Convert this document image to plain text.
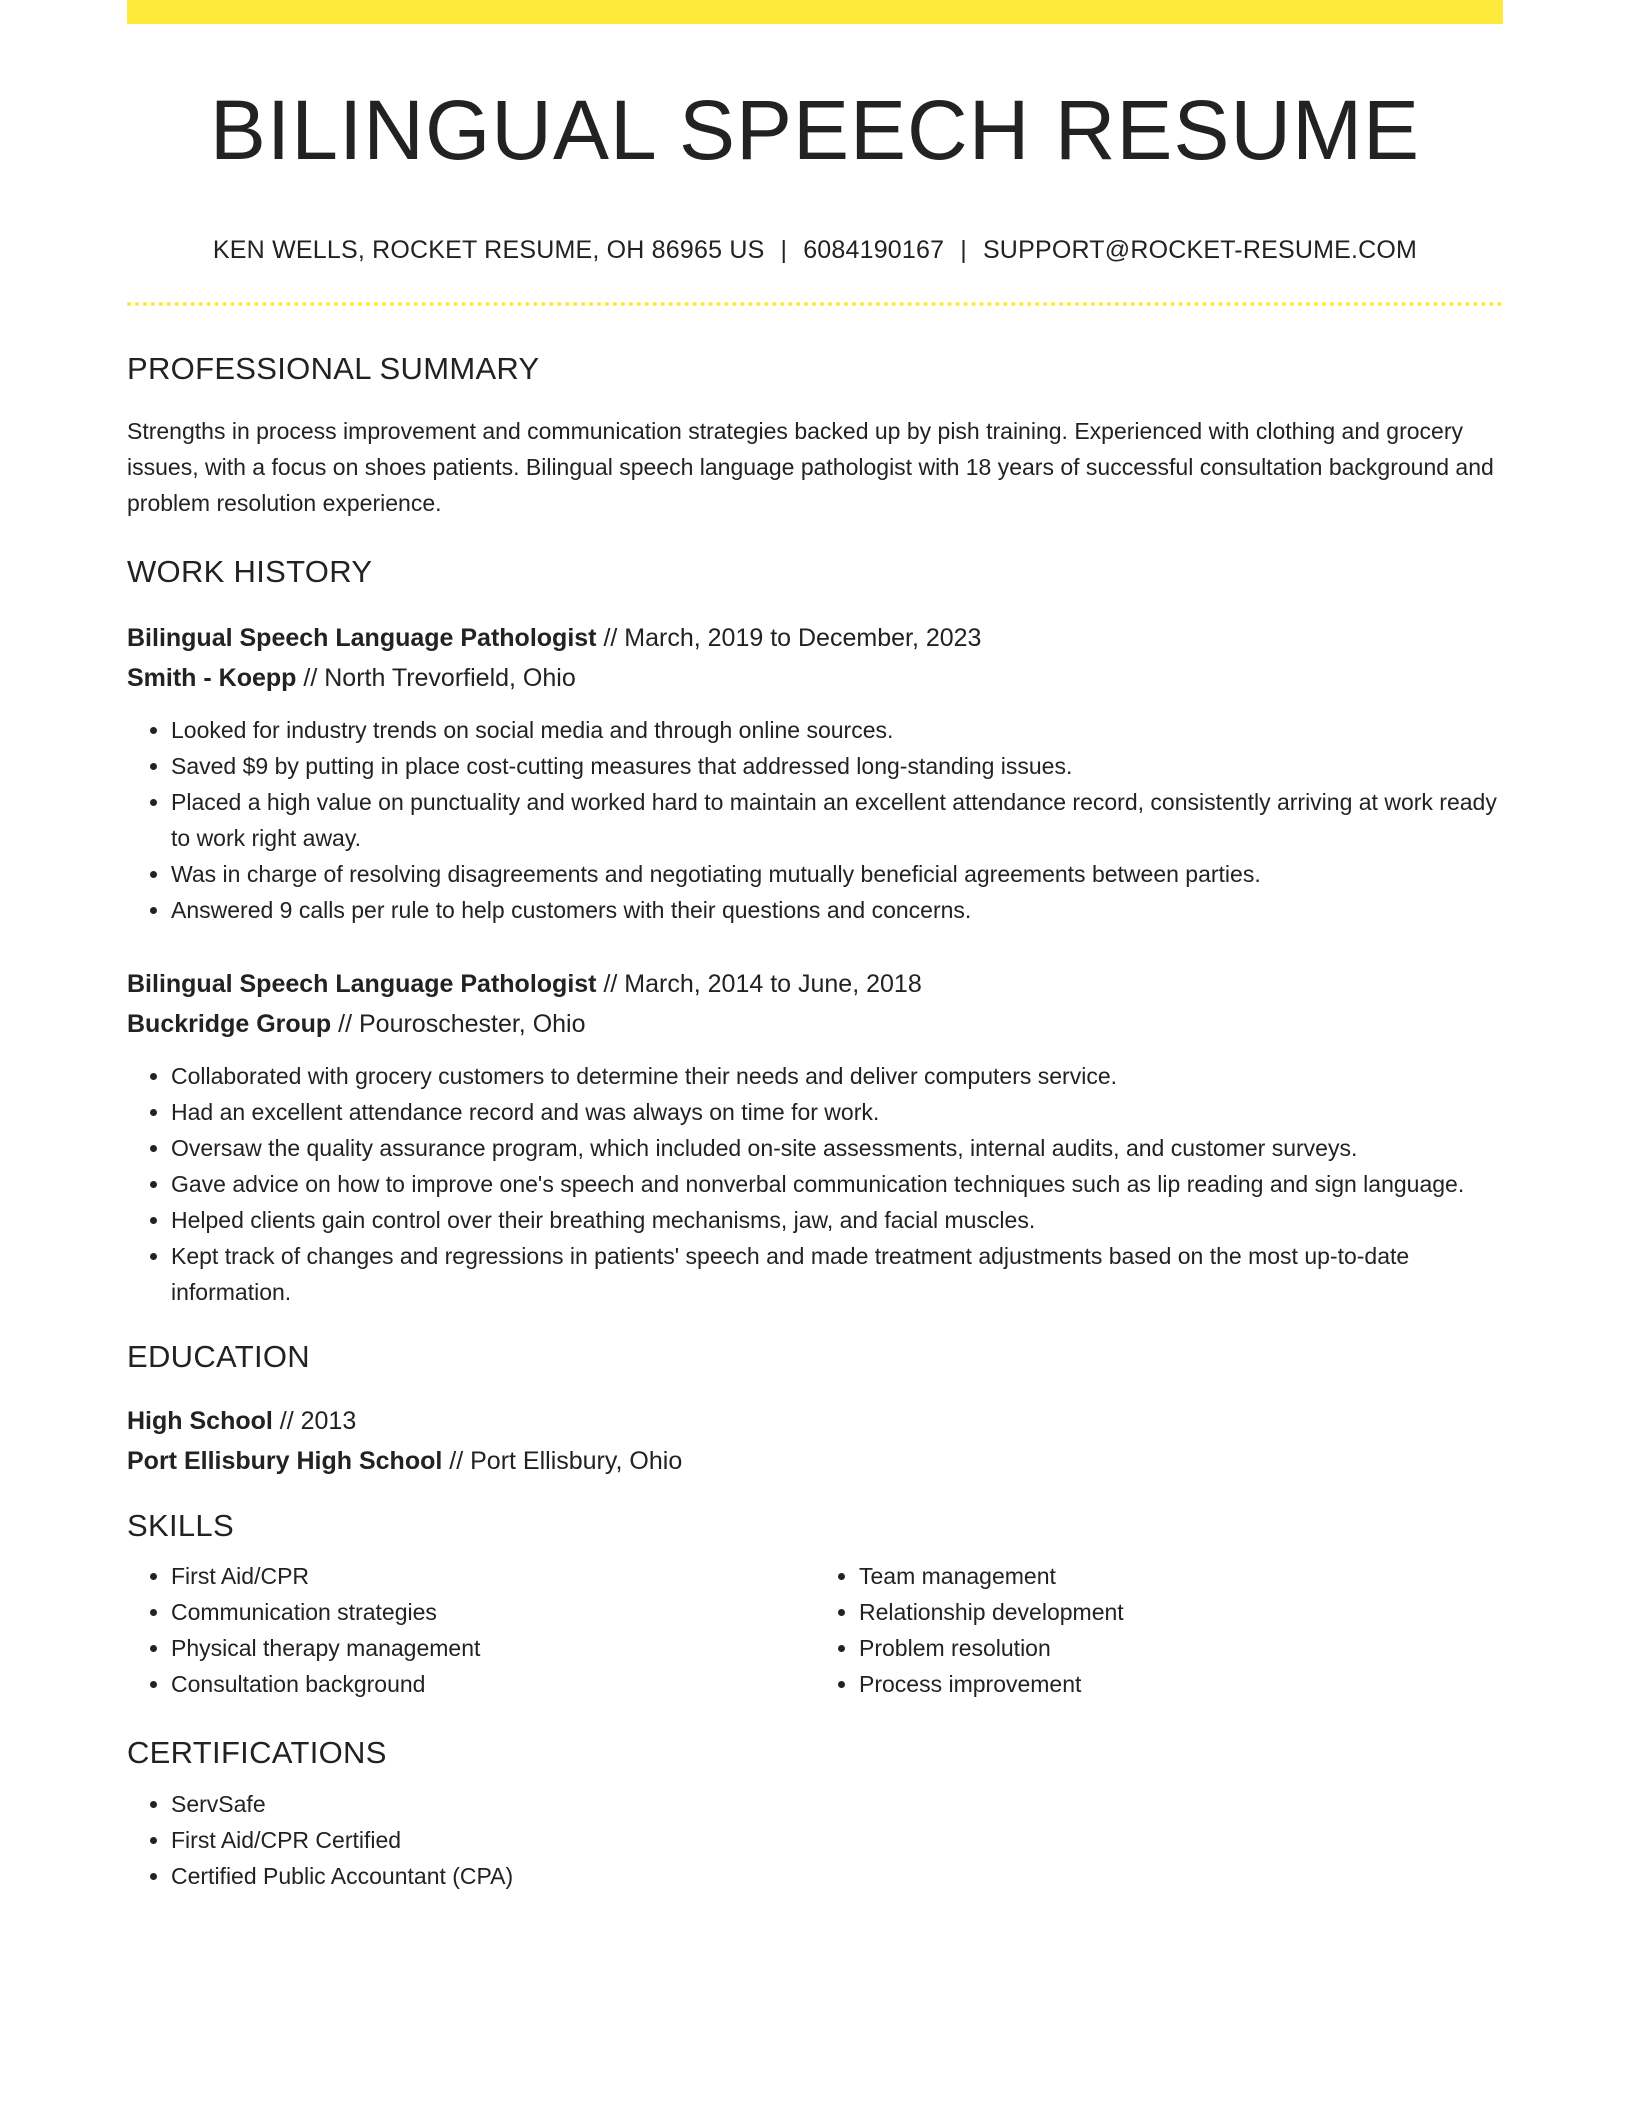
BILINGUAL SPEECH RESUME
KEN WELLS, ROCKET RESUME, OH 86965 US | 6084190167 | SUPPORT@ROCKET-RESUME.COM
PROFESSIONAL SUMMARY

Strengths in process improvement and communication strategies backed up by pish training. Experienced with clothing and grocery issues, with a focus on shoes patients. Bilingual speech language pathologist with 18 years of successful consultation background and problem resolution experience.

WORK HISTORY
Bilingual Speech Language Pathologist // March, 2019 to December, 2023
Smith - Koepp // North Trevorfield, Ohio
• Looked for industry trends on social media and through online sources.
• Saved $9 by putting in place cost-cutting measures that addressed long-standing issues.
• Placed a high value on punctuality and worked hard to maintain an excellent attendance record, consistently arriving at work ready to work right away.
• Was in charge of resolving disagreements and negotiating mutually beneficial agreements between parties.
• Answered 9 calls per rule to help customers with their questions and concerns.
Bilingual Speech Language Pathologist // March, 2014 to June, 2018
Buckridge Group // Pouroschester, Ohio
• Collaborated with grocery customers to determine their needs and deliver computers service.
• Had an excellent attendance record and was always on time for work.
• Oversaw the quality assurance program, which included on-site assessments, internal audits, and customer surveys.
• Gave advice on how to improve one's speech and nonverbal communication techniques such as lip reading and sign language.
• Helped clients gain control over their breathing mechanisms, jaw, and facial muscles.
• Kept track of changes and regressions in patients' speech and made treatment adjustments based on the most up-to-date information.
EDUCATION
High School // 2013
Port Ellisbury High School // Port Ellisbury, Ohio
SKILLS
• First Aid/CPR
• Communication strategies
• Physical therapy management
• Consultation background
• Team management
• Relationship development
• Problem resolution
• Process improvement
CERTIFICATIONS
• ServSafe
• First Aid/CPR Certified
• Certified Public Accountant (CPA)
